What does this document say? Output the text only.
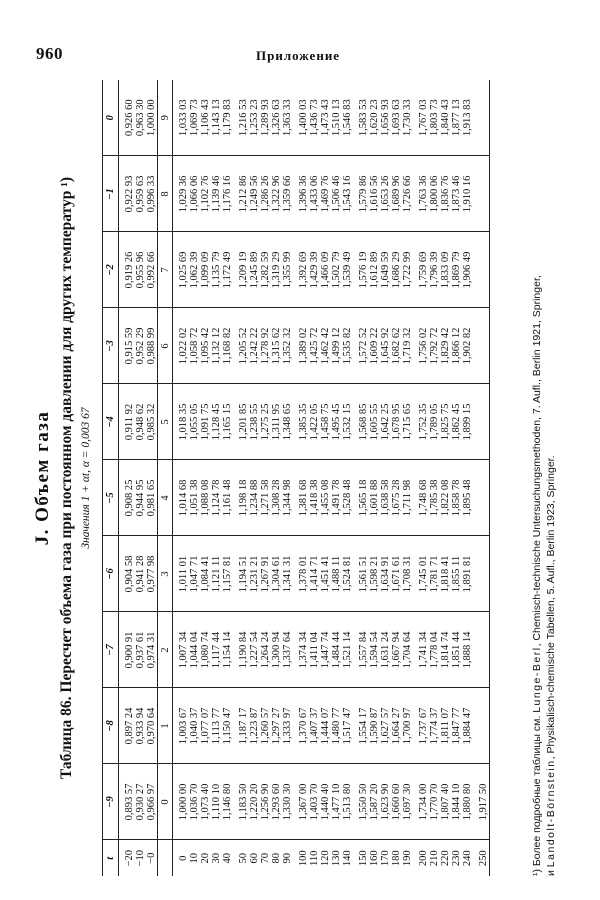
960	Приложение
J. Объем газа Таблица 86. Пересчет объема газа при постоянном давлении для других температур ¹) Значения 1 + αt, α = 0,003 67
t	−9	−8	−7	−6	−5	−4	−3	−2	−1	0
−20	0,893 57	0,897 24	0,900 91	0,904 58	0,908 25	0,911 92	0,915 59	0,919 26	0,922 93	0,926 60
−10	0,930 27	0,933 94	0,937 61	0,941 28	0,944 95	0,948 62	0,952 29	0,955 96	0,959 63	0,963 30
−0	0,966 97	0,970 64	0,974 31	0,977 98	0,981 65	0,985 32	0,988 99	0,992 66	0,996 33	1,000 00
	0	1	2	3	4	5	6	7	8	9
0	1,000 00	1,003 67	1,007 34	1,011 01	1,014 68	1,018 35	1,022 02	1,025 69	1,029 36	1,033 03
10	1,036 70	1,040 37	1,044 04	1,047 71	1,051 38	1,055 05	1,058 72	1,062 39	1,066 06	1,069 73
20	1,073 40	1,077 07	1,080 74	1,084 41	1,088 08	1,091 75	1,095 42	1,099 09	1,102 76	1,106 43
30	1,110 10	1,113 77	1,117 44	1,121 11	1,124 78	1,128 45	1,132 12	1,135 79	1,139 46	1,143 13
40	1,146 80	1,150 47	1,154 14	1,157 81	1,161 48	1,165 15	1,168 82	1,172 49	1,176 16	1,179 83
50	1,183 50	1,187 17	1,190 84	1,194 51	1,198 18	1,201 85	1,205 52	1,209 19	1,212 86	1,216 53
60	1,220 20	1,223 87	1,227 54	1,231 21	1,234 88	1,238 55	1,242 22	1,245 89	1,249 56	1,253 23
70	1,256 90	1,260 57	1,264 24	1,267 91	1,271 58	1,275 25	1,278 92	1,282 59	1,286 26	1,289 93
80	1,293 60	1,297 27	1,300 94	1,304 61	1,308 28	1,311 95	1,315 62	1,319 29	1,322 96	1,326 63
90	1,330 30	1,333 97	1,337 64	1,341 31	1,344 98	1,348 65	1,352 32	1,355 99	1,359 66	1,363 33
100	1,367 00	1,370 67	1,374 34	1,378 01	1,381 68	1,385 35	1,389 02	1,392 69	1,396 36	1,400 03
110	1,403 70	1,407 37	1,411 04	1,414 71	1,418 38	1,422 05	1,425 72	1,429 39	1,433 06	1,436 73
120	1,440 40	1,444 07	1,447 74	1,451 41	1,455 08	1,458 75	1,462 42	1,466 09	1,469 76	1,473 43
130	1,477 10	1,480 77	1,484 44	1,488 11	1,491 78	1,495 45	1,499 12	1,502 79	1,506 46	1,510 13
140	1,513 80	1,517 47	1,521 14	1,524 81	1,528 48	1,532 15	1,535 82	1,539 49	1,543 16	1,546 83
150	1,550 50	1,554 17	1,557 84	1,561 51	1,565 18	1,568 85	1,572 52	1,576 19	1,579 86	1,583 53
160	1,587 20	1,590 87	1,594 54	1,598 21	1,601 88	1,605 55	1,609 22	1,612 89	1,616 56	1,620 23
170	1,623 90	1,627 57	1,631 24	1,634 91	1,638 58	1,642 25	1,645 92	1,649 59	1,653 26	1,656 93
180	1,660 60	1,664 27	1,667 94	1,671 61	1,675 28	1,678 95	1,682 62	1,686 29	1,689 96	1,693 63
190	1,697 30	1,700 97	1,704 64	1,708 31	1,711 98	1,715 65	1,719 32	1,722 99	1,726 66	1,730 33
200	1,734 00	1,737 67	1,741 34	1,745 01	1,748 68	1,752 35	1,756 02	1,759 69	1,763 36	1,767 03
210	1,770 70	1,774 37	1,778 04	1,781 71	1,785 38	1,789 05	1,792 72	1,796 39	1,800 06	1,803 73
220	1,807 40	1,811 07	1,814 74	1,818 41	1,822 08	1,825 75	1,829 42	1,833 09	1,836 76	1,840 43
230	1,844 10	1,847 77	1,851 44	1,855 11	1,858 78	1,862 45	1,866 12	1,869 79	1,873 46	1,877 13
240	1,880 80	1,884 47	1,888 14	1,891 81	1,895 48	1,899 15	1,902 82	1,906 49	1,910 16	1,913 83
250	1,917 50										¹) Более подробные таблицы см. Lunge-Berl, Chemisch-technische Untersuchungsmethoden, 7. Aufl., Berlin 1921, Springer,
и Landolt-Börnstein, Physikalisch-chemische Tabellen, 5. Aufl., Berlin 1923, Springer.
